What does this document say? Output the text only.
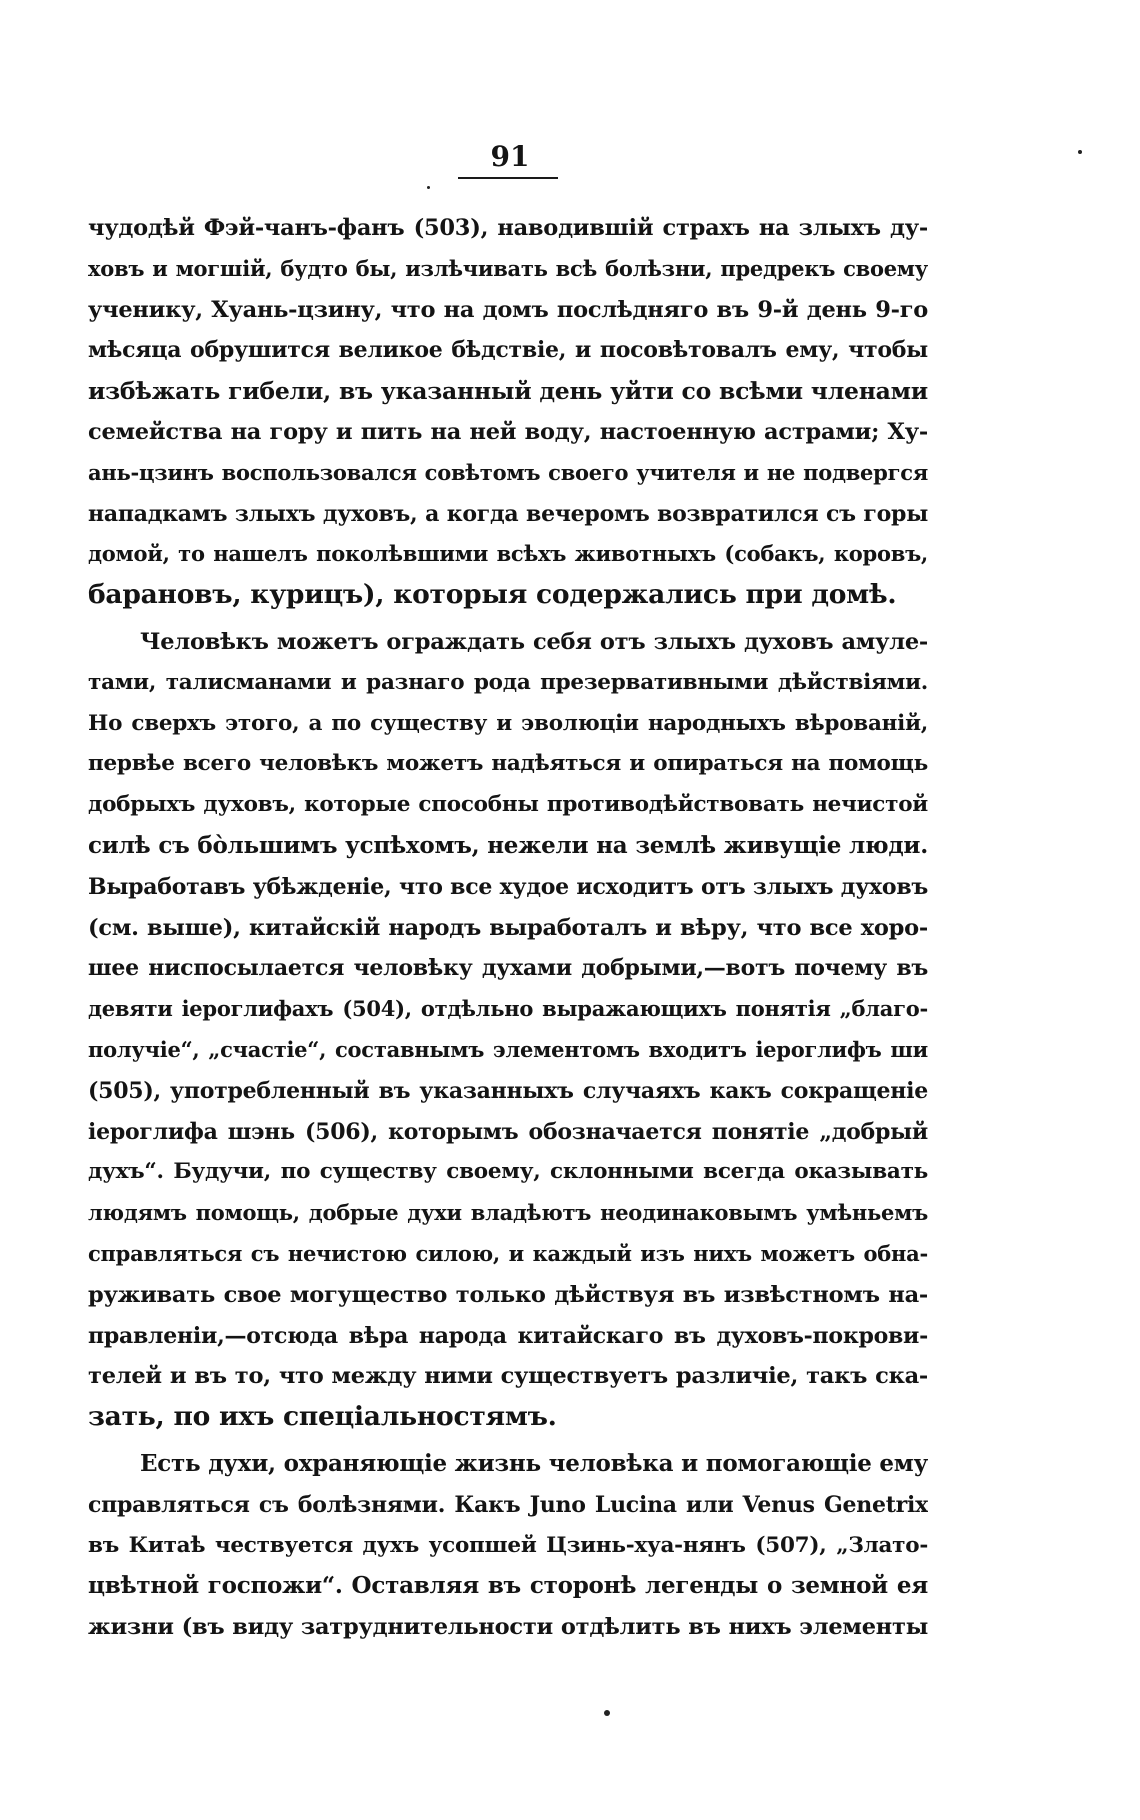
91
чудодѣй Фэй-чанъ-фанъ (503), наводившій страхъ на злыхъ ду-
ховъ и могшій, будто бы, излѣчивать всѣ болѣзни, предрекъ своему
ученику, Хуань-цзину, что на домъ послѣдняго въ 9-й день 9-го
мѣсяца обрушится великое бѣдствіе, и посовѣтовалъ ему, чтобы
избѣжать гибели, въ указанный день уйти со всѣми членами
семейства на гору и пить на ней воду, настоенную астрами; Ху-
ань-цзинъ воспользовался совѣтомъ своего учителя и не подвергся
нападкамъ злыхъ духовъ, а когда вечеромъ возвратился съ горы
домой, то нашелъ поколѣвшими всѣхъ животныхъ (собакъ, коровъ,
барановъ, курицъ), которыя содержались при домѣ.
Человѣкъ можетъ ограждать себя отъ злыхъ духовъ амуле-
тами, талисманами и разнаго рода презервативными дѣйствіями.
Но сверхъ этого, а по существу и эволюціи народныхъ вѣрованій,
первѣе всего человѣкъ можетъ надѣяться и опираться на помощь
добрыхъ духовъ, которые способны противодѣйствовать нечистой
силѣ съ бо̀льшимъ успѣхомъ, нежели на землѣ живущіе люди.
Выработавъ убѣжденіе, что все худое исходитъ отъ злыхъ духовъ
(см. выше), китайскій народъ выработалъ и вѣру, что все хоро-
шее ниспосылается человѣку духами добрыми,—вотъ почему въ
девяти іероглифахъ (504), отдѣльно выражающихъ понятія „благо-
получіе“, „счастіе“, составнымъ элементомъ входитъ іероглифъ ши
(505), употребленный въ указанныхъ случаяхъ какъ сокращеніе
іероглифа шэнь (506), которымъ обозначается понятіе „добрый
духъ“. Будучи, по существу своему, склонными всегда оказывать
людямъ помощь, добрые духи владѣютъ неодинаковымъ умѣньемъ
справляться съ нечистою силою, и каждый изъ нихъ можетъ обна-
руживать свое могущество только дѣйствуя въ извѣстномъ на-
правленіи,—отсюда вѣра народа китайскаго въ духовъ-покрови-
телей и въ то, что между ними существуетъ различіе, такъ ска-
зать, по ихъ спеціальностямъ.
Есть духи, охраняющіе жизнь человѣка и помогающіе ему
справляться съ болѣзнями. Какъ Juno Lucina или Venus Genetrix
въ Китаѣ чествуется духъ усопшей Цзинь-хуа-нянъ (507), „Злато-
цвѣтной госпожи“. Оставляя въ сторонѣ легенды о земной ея
жизни (въ виду затруднительности отдѣлить въ нихъ элементы
